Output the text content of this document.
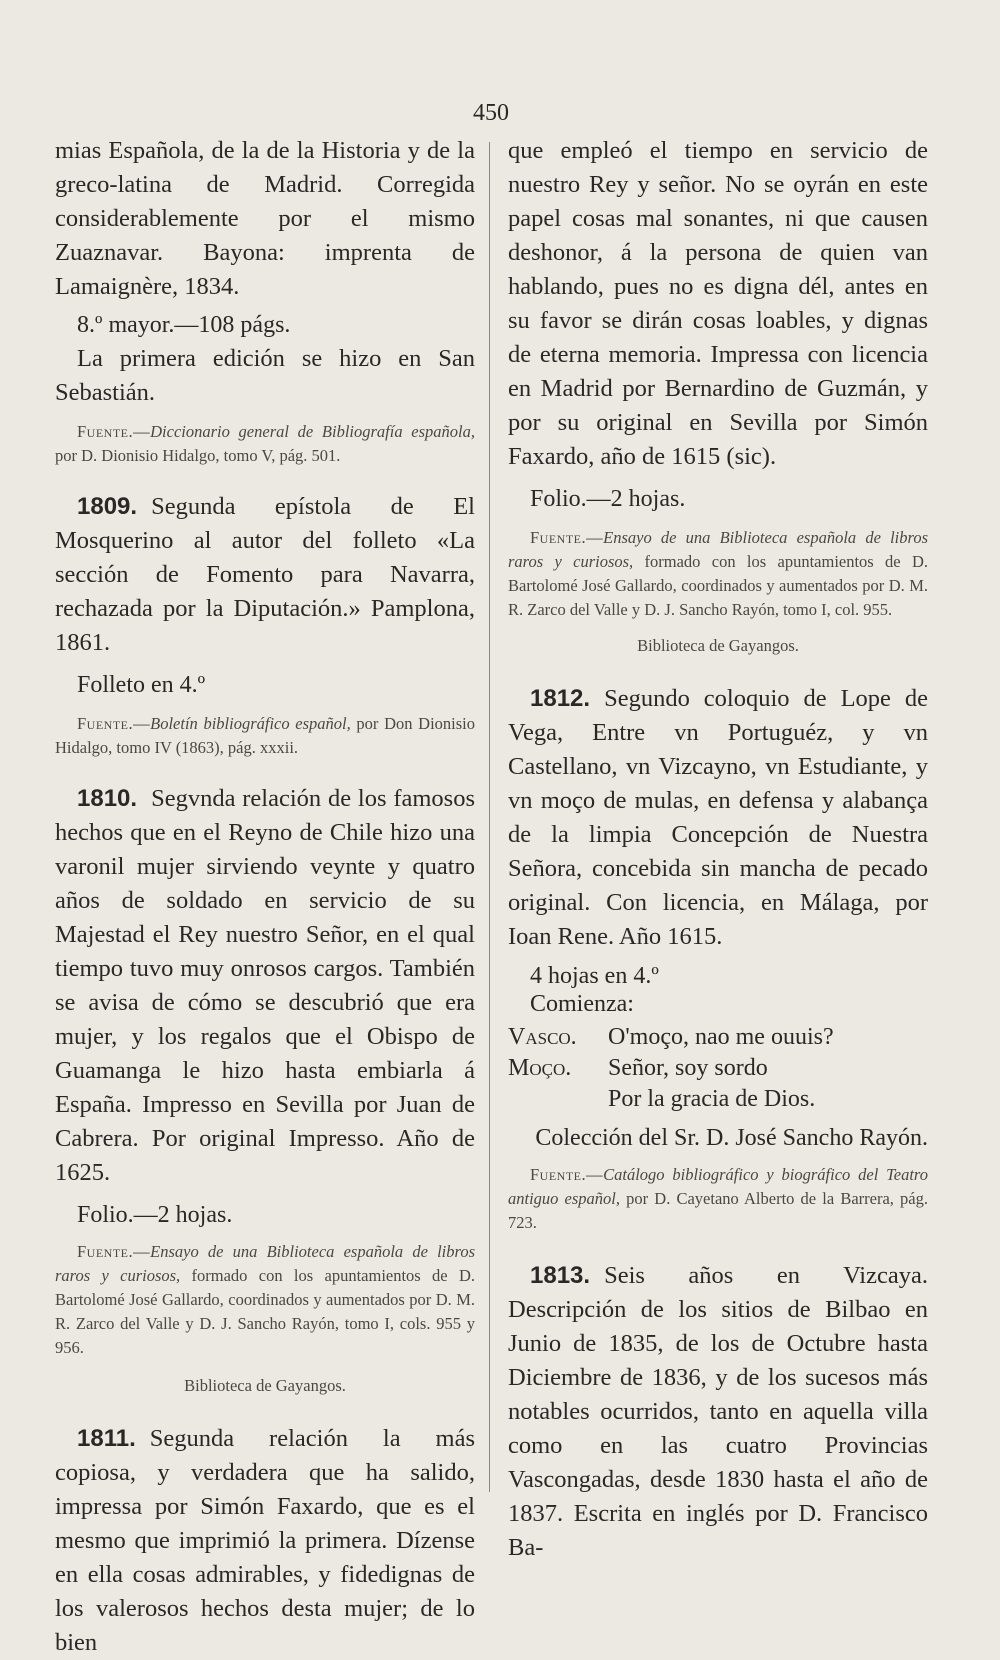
450

mias Española, de la de la Historia y de la greco-latina de Madrid. Corregida considerablemente por el mismo Zuaznavar. Bayona: imprenta de Lamaignère, 1834.

8.º mayor.—108 págs.

La primera edición se hizo en San Sebastián.

Fuente.—Diccionario general de Bibliografía española, por D. Dionisio Hidalgo, tomo V, pág. 501.

1809. Segunda epístola de El Mosquerino al autor del folleto «La sección de Fomento para Navarra, rechazada por la Diputación.» Pamplona, 1861.

Folleto en 4.º

Fuente.—Boletín bibliográfico español, por Don Dionisio Hidalgo, tomo IV (1863), pág. xxxii.

1810. Segvnda relación de los famosos hechos que en el Reyno de Chile hizo una varonil mujer sirviendo veynte y quatro años de soldado en servicio de su Majestad el Rey nuestro Señor, en el qual tiempo tuvo muy onrosos cargos. También se avisa de cómo se descubrió que era mujer, y los regalos que el Obispo de Guamanga le hizo hasta embiarla á España. Impresso en Sevilla por Juan de Cabrera. Por original Impresso. Año de 1625.

Folio.—2 hojas.

Fuente.—Ensayo de una Biblioteca española de libros raros y curiosos, formado con los apuntamientos de D. Bartolomé José Gallardo, coordinados y aumentados por D. M. R. Zarco del Valle y D. J. Sancho Rayón, tomo I, cols. 955 y 956.

Biblioteca de Gayangos.

1811. Segunda relación la más copiosa, y verdadera que ha salido, impressa por Simón Faxardo, que es el mesmo que imprimió la primera. Dízense en ella cosas admirables, y fidedignas de los valerosos hechos desta mujer; de lo bien

que empleó el tiempo en servicio de nuestro Rey y señor. No se oyrán en este papel cosas mal sonantes, ni que causen deshonor, á la persona de quien van hablando, pues no es digna dél, antes en su favor se dirán cosas loables, y dignas de eterna memoria. Impressa con licencia en Madrid por Bernardino de Guzmán, y por su original en Sevilla por Simón Faxardo, año de 1615 (sic).

Folio.—2 hojas.

Fuente.—Ensayo de una Biblioteca española de libros raros y curiosos, formado con los apuntamientos de D. Bartolomé José Gallardo, coordinados y aumentados por D. M. R. Zarco del Valle y D. J. Sancho Rayón, tomo I, col. 955.

Biblioteca de Gayangos.

1812. Segundo coloquio de Lope de Vega, Entre vn Portuguéz, y vn Castellano, vn Vizcayno, vn Estudiante, y vn moço de mulas, en defensa y alabança de la limpia Concepción de Nuestra Señora, concebida sin mancha de pecado original. Con licencia, en Málaga, por Ioan Rene. Año 1615.

4 hojas en 4.º

Comienza:

Vasco.	O'moço, nao me ouuis?
Moço.	Señor, soy sordo
Por la gracia de Dios.

Colección del Sr. D. José Sancho Rayón.

Fuente.—Catálogo bibliográfico y biográfico del Teatro antiguo español, por D. Cayetano Alberto de la Barrera, pág. 723.

1813. Seis años en Vizcaya. Descripción de los sitios de Bilbao en Junio de 1835, de los de Octubre hasta Diciembre de 1836, y de los sucesos más notables ocurridos, tanto en aquella villa como en las cuatro Provincias Vascongadas, desde 1830 hasta el año de 1837. Escrita en inglés por D. Francisco Ba-
